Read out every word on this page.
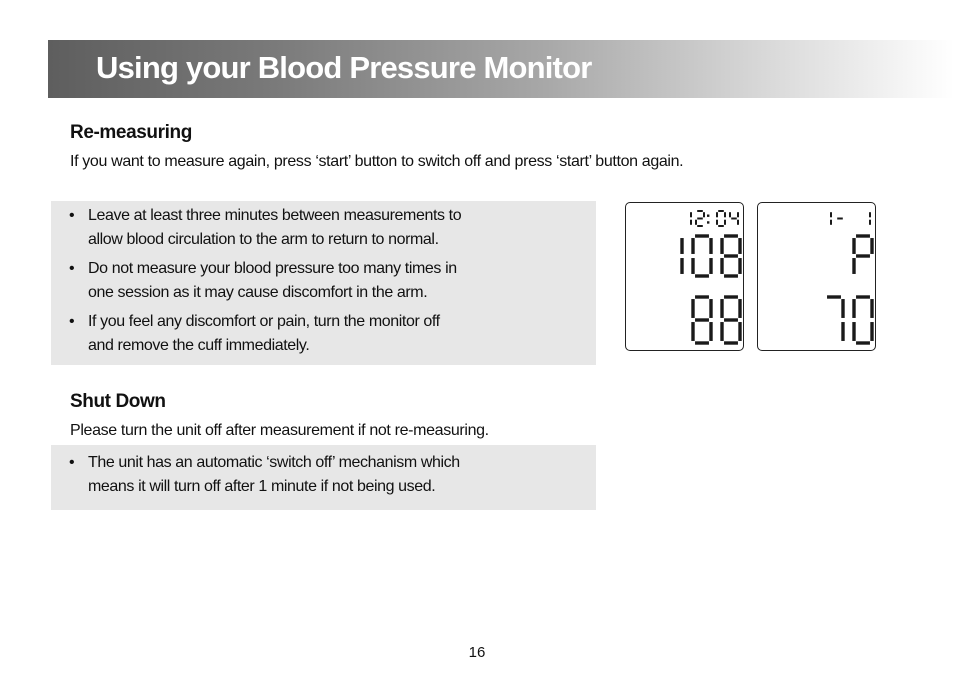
Using your Blood Pressure Monitor
Re-measuring

If you want to measure again, press ‘start’ button to switch off and press ‘start’ button again.

• Leave at least three minutes between measurements to
allow blood circulation to the arm to return to normal.
• Do not measure your blood pressure too many times in
one session as it may cause discomfort in the arm.
• If you feel any discomfort or pain, turn the monitor off
and remove the cuff immediately.
Shut Down

Please turn the unit off after measurement if not re-measuring.

• The unit has an automatic ‘switch off’ mechanism which
means it will turn off after 1 minute if not being used.

16
